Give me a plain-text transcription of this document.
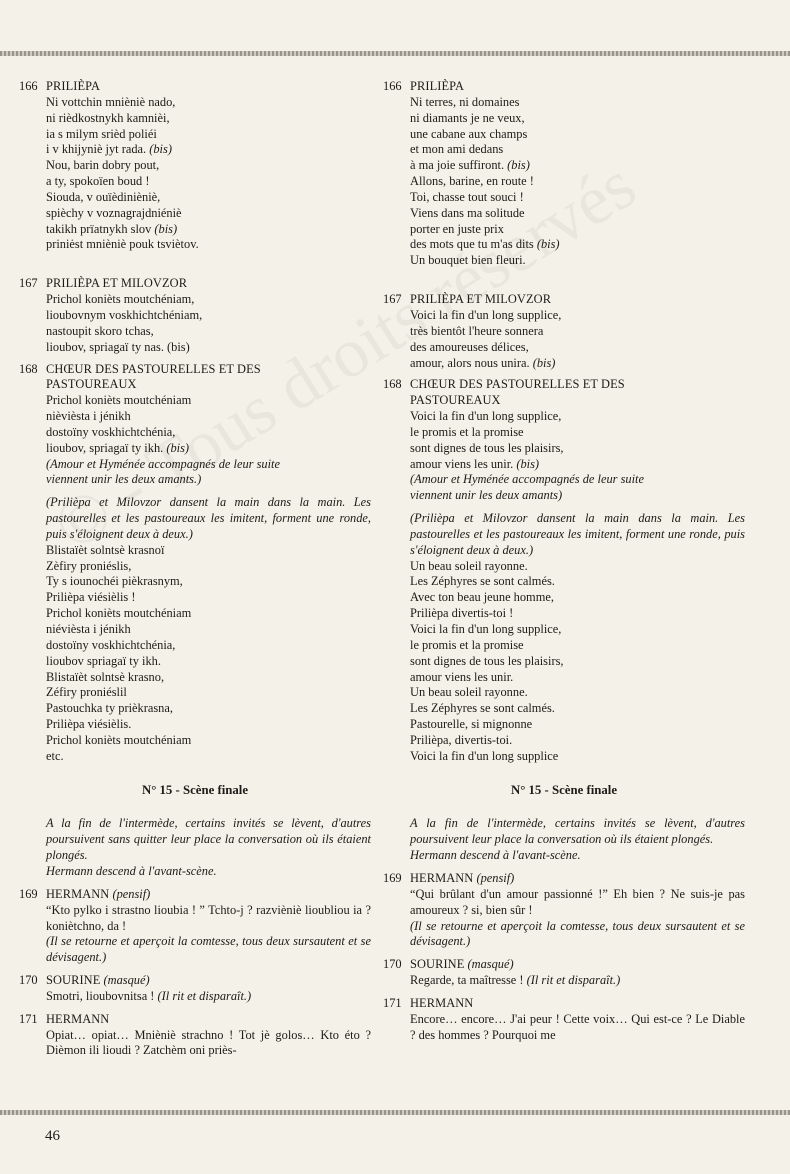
166 PRILIÈPA
Ni vottchin mnièniè nado,
ni rièdkostnykh kamnièi,
ia s milym srièd poliéi
i v khijyniè jyt rada. (bis)
Nou, barin dobry pout,
a ty, spokoïen boud !
Siouda, v ouïèdinièniè,
spièchy v voznagrajdniéniè
takikh prïatnykh slov (bis)
priniėst mnièniè pouk tsviètov.
167 PRILIÈPA ET MILOVZOR
Prichol konièts moutchéniam,
lioubovnym voskhichtchéniam,
nastoupit skoro tchas,
lioubov, spriagaï ty nas. (bis)
168 CHŒUR DES PASTOURELLES ET DES
PASTOUREAUX
Prichol konièts moutchéniam
nièvièsta i jénikh
dostoïny voskhichtchénia,
lioubov, spriagaï ty ikh. (bis)
(Amour et Hyménée accompagnés de leur suite
viennent unir les deux amants.)
(Prilièpa et Milovzor dansent la main dans la main. Les pastourelles et les pastoureaux les imitent, forment une ronde, puis s'éloignent deux à deux.)
Blistaïèt solntsè krasnoï
Zèfiry proniéslis,
Ty s iounochéi pièkrasnym,
Prilièpa viésièlis !
Prichol konièts moutchéniam
niévièsta i jénikh
dostoïny voskhichtchénia,
lioubov spriagaï ty ikh.
Blistaïèt solntsè krasno,
Zéfiry proniéslil
Pastouchka ty prièkrasna,
Prilièpa viésièlis.
Prichol konièts moutchéniam
etc.
N° 15 - Scène finale
A la fin de l'intermède, certains invités se lèvent, d'autres poursuivent sans quitter leur place la conversation où ils étaient plongés.
Hermann descend à l'avant-scène.
169 HERMANN (pensif)
“Kto pylko i strastno lioubia ! ” Tchto-j ? razvièniè lioubliou ia ? koniètchno, da !
(Il se retourne et aperçoit la comtesse, tous deux sursautent et se dévisagent.)
170 SOURINE (masqué)
Smotri, lioubovnitsa ! (Il rit et disparaît.)
171 HERMANN
Opiat… opiat… Mnièniè strachno ! Tot jè golos… Kto éto ? Dièmon ili lioudi ? Zatchèm oni priès-
166 PRILIÈPA
Ni terres, ni domaines
ni diamants je ne veux,
une cabane aux champs
et mon ami dedans
à ma joie suffiront. (bis)
Allons, barine, en route !
Toi, chasse tout souci !
Viens dans ma solitude
porter en juste prix
des mots que tu m'as dits (bis)
Un bouquet bien fleuri.
167 PRILIÈPA ET MILOVZOR
Voici la fin d'un long supplice,
très bientôt l'heure sonnera
des amoureuses délices,
amour, alors nous unira. (bis)
168 CHŒUR DES PASTOURELLES ET DES
PASTOUREAUX
Voici la fin d'un long supplice,
le promis et la promise
sont dignes de tous les plaisirs,
amour viens les unir. (bis)
(Amour et Hyménée accompagnés de leur suite
viennent unir les deux amants)
(Prilièpa et Milovzor dansent la main dans la main. Les pastourelles et les pastoureaux les imitent, forment une ronde, puis s'éloignent deux à deux.)
Un beau soleil rayonne.
Les Zéphyres se sont calmés.
Avec ton beau jeune homme,
Prilièpa divertis-toi !
Voici la fin d'un long supplice,
le promis et la promise
sont dignes de tous les plaisirs,
amour viens les unir.
Un beau soleil rayonne.
Les Zéphyres se sont calmés.
Pastourelle, si mignonne
Prilièpa, divertis-toi.
Voici la fin d'un long supplice
N° 15 - Scène finale
A la fin de l'intermède, certains invités se lèvent, d'autres poursuivent leur place la conversation où ils étaient plongés.
Hermann descend à l'avant-scène.
169 HERMANN (pensif)
“Qui brûlant d'un amour passionné !” Eh bien ? Ne suis-je pas amoureux ? si, bien sûr !
(Il se retourne et aperçoit la comtesse, tous deux sursautent et se dévisagent.)
170 SOURINE (masqué)
Regarde, ta maîtresse ! (Il rit et disparaît.)
171 HERMANN
Encore… encore… J'ai peur ! Cette voix… Qui est-ce ? Le Diable ? des hommes ? Pourquoi me
46
